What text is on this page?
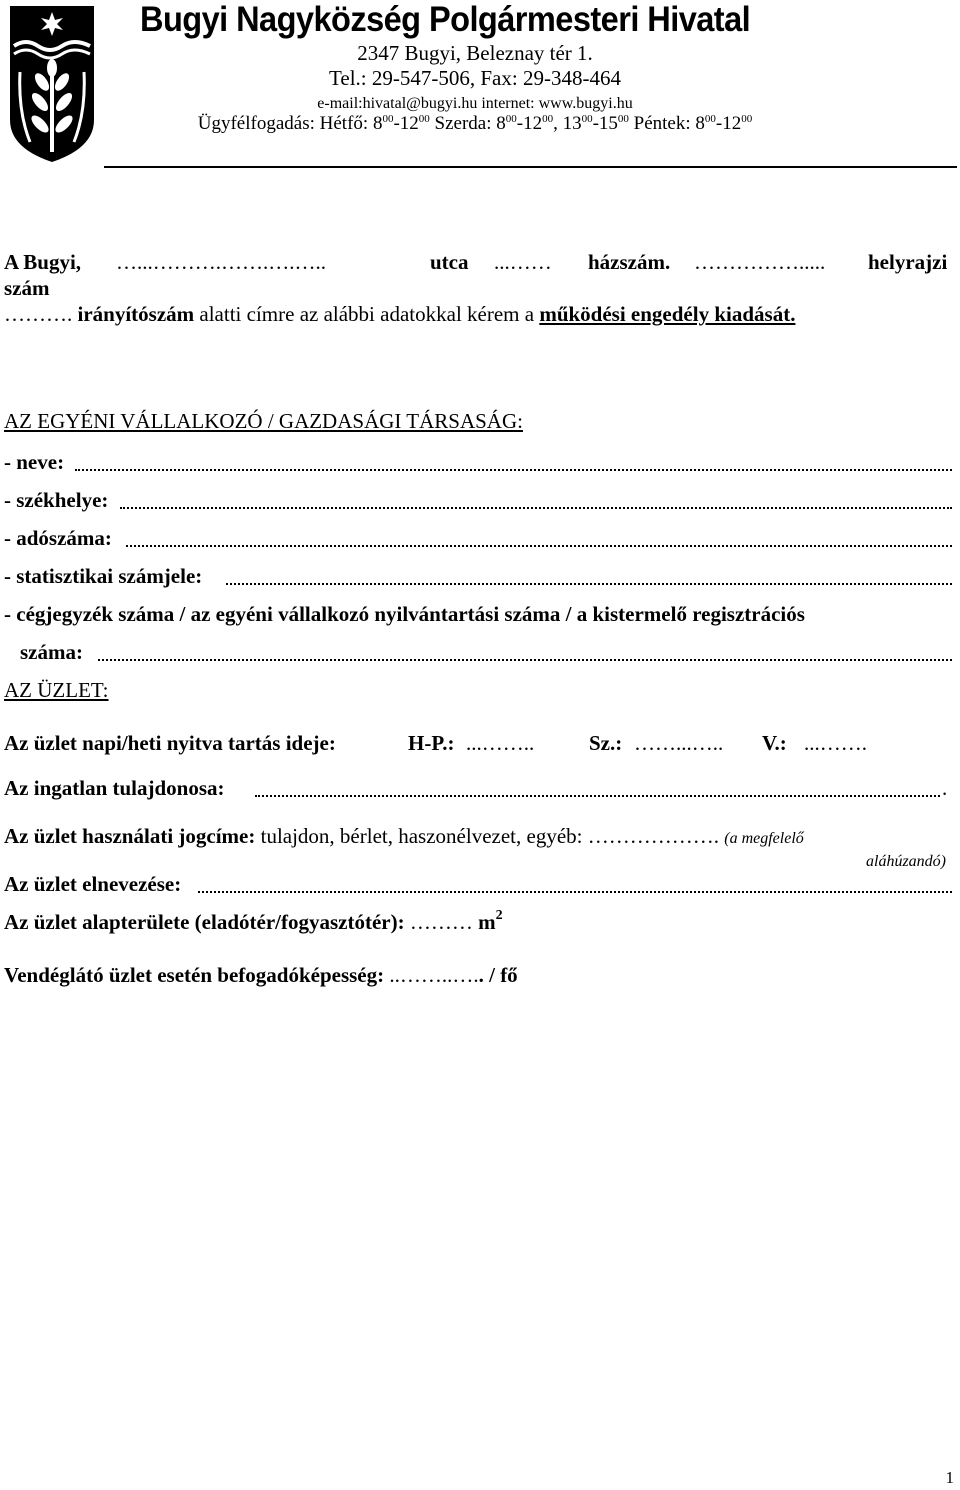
Bugyi Nagyközség Polgármesteri Hivatal
2347 Bugyi, Beleznay tér 1.
Tel.: 29-547-506, Fax: 29-348-464
e-mail:hivatal@bugyi.hu internet: www.bugyi.hu
Ügyfélfogadás: Hétfő: $8^{00}-12^{00}$ Szerda: $8^{00}-12^{00}$, $13^{00}-15^{00}$ Péntek: $8^{00}-12^{00}$
A Bugyi, …...……….…….….…..	utca ...…… házszám. ……………..... helyrajzi
szám
………. irányítószám alatti címre az alábbi adatokkal kérem a működési engedély kiadását.
AZ EGYÉNI VÁLLALKOZÓ / GAZDASÁGI TÁRSASÁG:
- neve:
- székhelye:
- adószáma:
- statisztikai számjele:
- cégjegyzék száma / az egyéni vállalkozó nyilvántartási száma / a kistermelő regisztrációs
száma:
AZ ÜZLET:
Az üzlet napi/heti nyitva tartás ideje:	H-P.: ...……..	Sz.: ……...….. V.: ...…….
Az ingatlan tulajdonosa:	.
Az üzlet használati jogcíme: tulajdon, bérlet, haszonélvezet, egyéb: ………………. (a megfelelő
aláhúzandó)
Az üzlet elnevezése:
Az üzlet alapterülete (eladótér/fogyasztótér): ……… $m^2$
Vendéglátó üzlet esetén befogadóképesség: ..……..….. / fő
1
